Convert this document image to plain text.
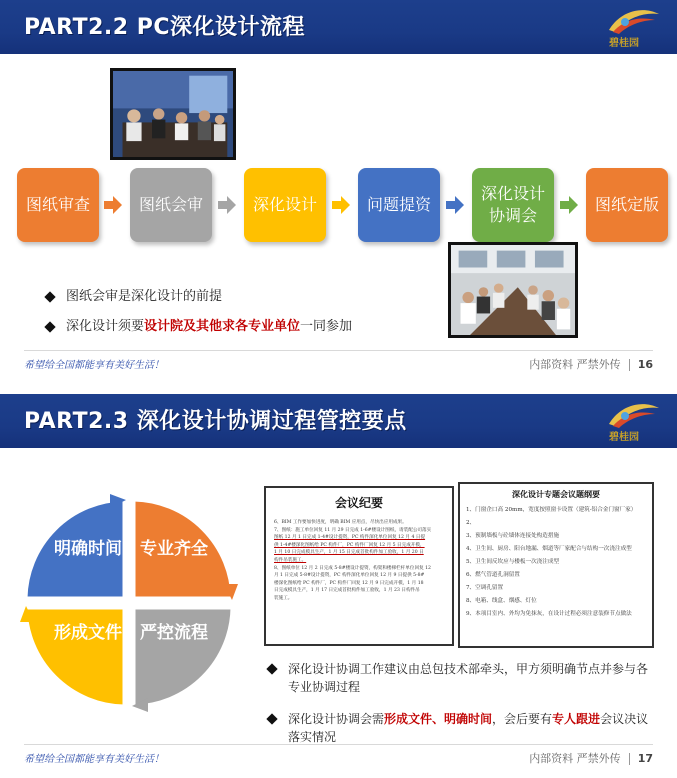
PART2.2 PC深化设计流程
碧桂园
图纸审查	图纸会审	深化设计	问题提资
深化设计协调会
图纸定版
图纸会审是深化设计的前提
深化设计须要设计院及其他求各专业单位一同参加
希望给全国都能享有美好生活！	内部资料 严禁外传 16
PART2.3 深化设计协调过程管控要点
碧桂园
明确时间	专业齐全
形成文件	严控流程
会议纪要
6、BIM 工作要加快进度，明确 BIM 应用点，尽快出应用成果。
7、图纸：施工单位回复 11 月 29 日完成 1-6#楼设计图纸，请装配公司落实
图纸 12 月 1 日完成 1-4#设计提资，PC 构件深化单位回复 12 月 4 日提
供 1-4#楼深化图纸给 PC 构件厂，PC 构件厂回复 12 月 5 日完成开模，
1 月 10 日完成模具生产，1 月 15 日完成首批构件加工验收，1 月 20 日
构件吊装施工。
8、图纸单位 12 月 2 日完成 5-8#楼设计提资，构架和楼梯栏杆单位回复 12
月 1 日完成 5-8#设计提资，PC 构件深化单位回复 12 月 9 日提供 5-8#
楼深化图纸给 PC 构件厂，PC 构件厂回复 12 月 9 日完成开模，1 月 18
日完成模具生产，1 月 17 日完成首批构件加工验收，1 月 23 日构件吊
装施工。
深化设计专题会议题纲要
1、门窗企口高 20mm，宽度按照窗卡设置（建筑-铝合金门窗厂家）
2、
3、预制墙板与砼墙体连接处构造措施
4、卫生间、厨房、阳台地漏、烟道等厂家配合与结构一次浇注成型
5、卫生间反坎应与楼板一次浇注成型
6、燃气管道孔洞留置
7、空调孔留置
8、电箱、线盒、烟感、灯位
9、本项目室内、外均为免抹灰，在设计过程必须注意装修节点做法
深化设计协调工作建议由总包技术部牵头，甲方须明确节点并参与各专业协调过程
深化设计协调会需形成文件、明确时间，会后要有专人跟进会议决议落实情况
希望给全国都能享有美好生活！	内部资料 严禁外传 17
